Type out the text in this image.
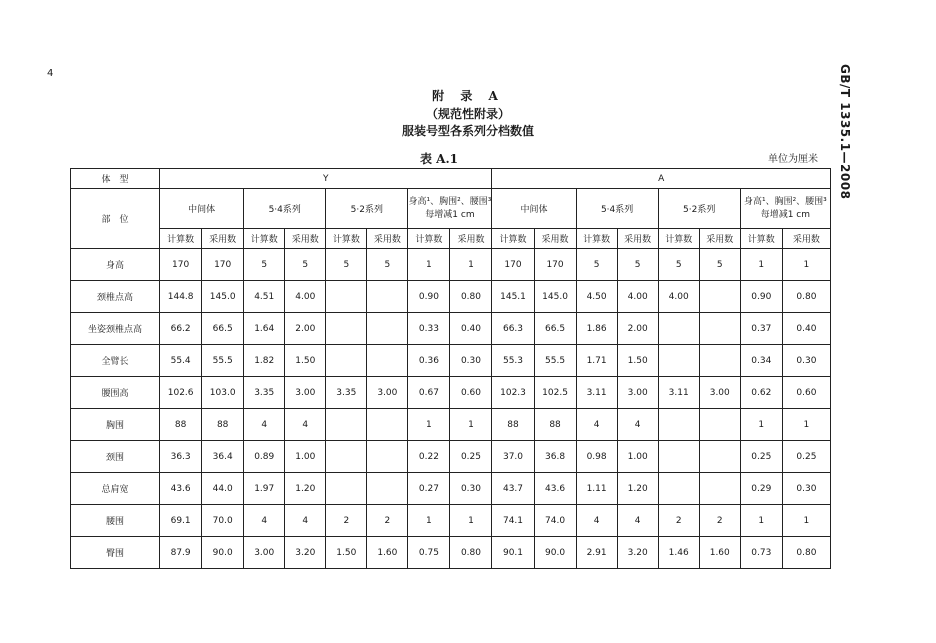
4	GB/T 1335.1—2008
附 录 A
（规范性附录）
服装号型各系列分档数值
表 A.1	单位为厘米
体　型	Y								A							
部　位	中间体		5·4系列		5·2系列		身高¹、胸围²、腰围³每增减1 cm		中间体		5·4系列		5·2系列		身高¹、胸围²、腰围³每增减1 cm	
	计算数	采用数	计算数	采用数	计算数	采用数	计算数	采用数	计算数	采用数	计算数	采用数	计算数	采用数	计算数	采用数
身高	170	170	5	5	5	5	1	1	170	170	5	5	5	5	1	1
颈椎点高	144.8	145.0	4.51	4.00			0.90	0.80	145.1	145.0	4.50	4.00	4.00		0.90	0.80
坐姿颈椎点高	66.2	66.5	1.64	2.00			0.33	0.40	66.3	66.5	1.86	2.00			0.37	0.40
全臂长	55.4	55.5	1.82	1.50			0.36	0.30	55.3	55.5	1.71	1.50			0.34	0.30
腰围高	102.6	103.0	3.35	3.00	3.35	3.00	0.67	0.60	102.3	102.5	3.11	3.00	3.11	3.00	0.62	0.60
胸围	88	88	4	4			1	1	88	88	4	4			1	1
颈围	36.3	36.4	0.89	1.00			0.22	0.25	37.0	36.8	0.98	1.00			0.25	0.25
总肩宽	43.6	44.0	1.97	1.20			0.27	0.30	43.7	43.6	1.11	1.20			0.29	0.30
腰围	69.1	70.0	4	4	2	2	1	1	74.1	74.0	4	4	2	2	1	1
臀围	87.9	90.0	3.00	3.20	1.50	1.60	0.75	0.80	90.1	90.0	2.91	3.20	1.46	1.60	0.73	0.80
